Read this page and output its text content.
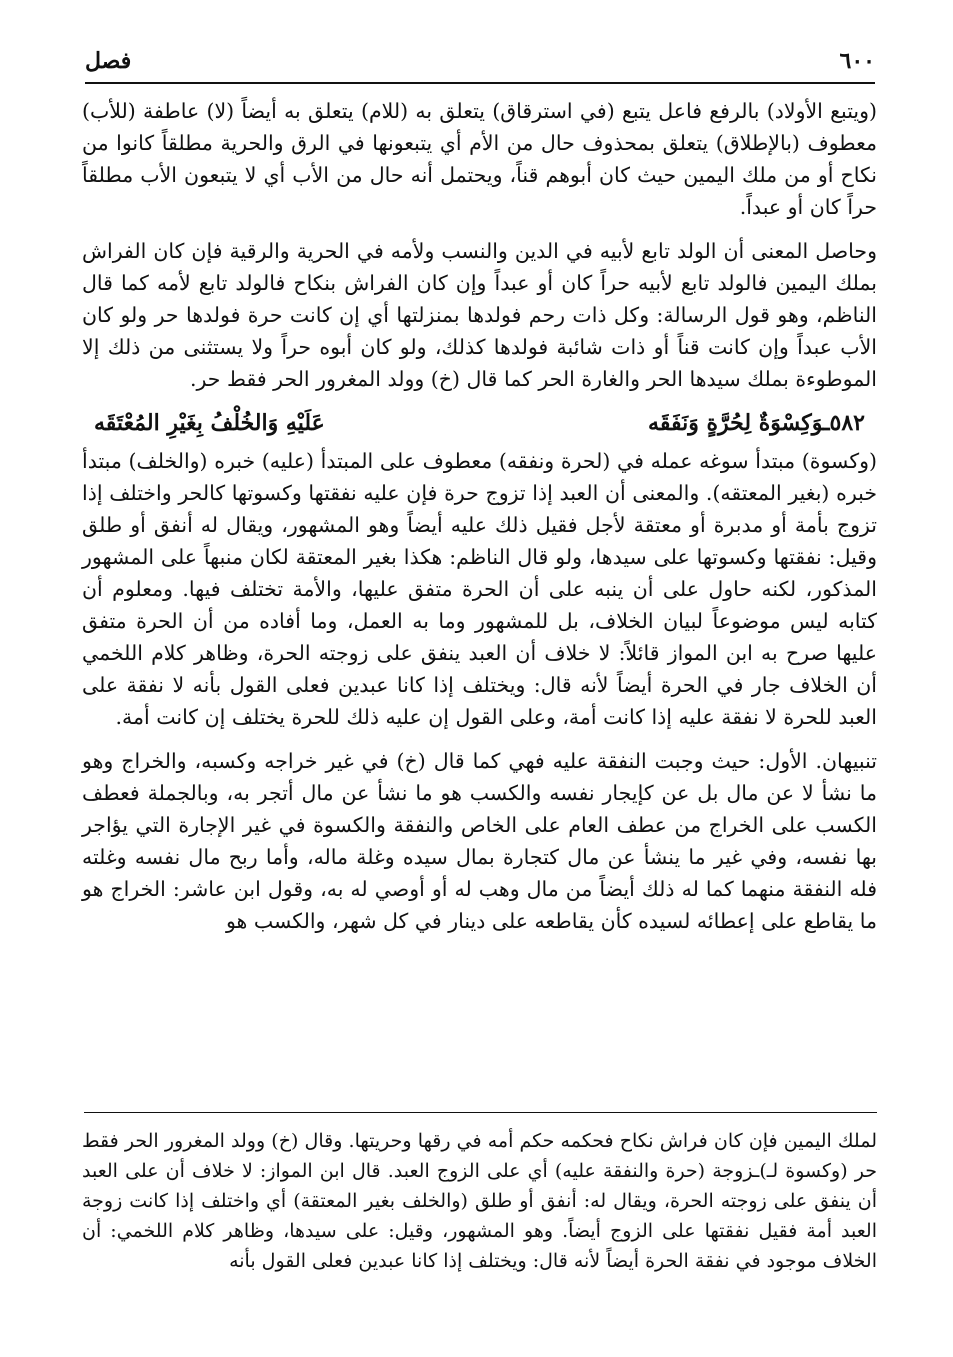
٦٠٠
فصل

(ويتبع الأولاد) بالرفع فاعل يتبع (في استرقاق) يتعلق به (للام) يتعلق به أيضاً (لا) عاطفة (للأب) معطوف (بالإطلاق) يتعلق بمحذوف حال من الأم أي يتبعونها في الرق والحرية مطلقاً كانوا من نكاح أو من ملك اليمين حيث كان أبوهم قناً، ويحتمل أنه حال من الأب أي لا يتبعون الأب مطلقاً حراً كان أو عبداً.

وحاصل المعنى أن الولد تابع لأبيه في الدين والنسب ولأمه في الحرية والرقية فإن كان الفراش بملك اليمين فالولد تابع لأبيه حراً كان أو عبداً وإن كان الفراش بنكاح فالولد تابع لأمه كما قال الناظم، وهو قول الرسالة: وكل ذات رحم فولدها بمنزلتها أي إن كانت حرة فولدها حر ولو كان الأب عبداً وإن كانت قناً أو ذات شائبة فولدها كذلك، ولو كان أبوه حراً ولا يستثنى من ذلك إلا الموطوءة بملك سيدها الحر والغارة الحر كما قال (خ) وولد المغرور الحر فقط حر.

٥٨٢ـوَكِسْوَةٌ لِحُرَّةٍ وَنَفَقَه
عَلَيْهِ وَالخُلْفُ بِغَيْرِ المُعْتَقَه

(وكسوة) مبتدأ سوغه عمله في (لحرة ونفقه) معطوف على المبتدأ (عليه) خبره (والخلف) مبتدأ خبره (بغير المعتقه). والمعنى أن العبد إذا تزوج حرة فإن عليه نفقتها وكسوتها كالحر واختلف إذا تزوج بأمة أو مدبرة أو معتقة لأجل فقيل ذلك عليه أيضاً وهو المشهور، ويقال له أنفق أو طلق وقيل: نفقتها وكسوتها على سيدها، ولو قال الناظم: هكذا بغير المعتقة لكان منبهاً على المشهور المذكور، لكنه حاول على أن ينبه على أن الحرة متفق عليها، والأمة تختلف فيها. ومعلوم أن كتابه ليس موضوعاً لبيان الخلاف، بل للمشهور وما به العمل، وما أفاده من أن الحرة متفق عليها صرح به ابن المواز قائلاً: لا خلاف أن العبد ينفق على زوجته الحرة، وظاهر كلام اللخمي أن الخلاف جار في الحرة أيضاً لأنه قال: ويختلف إذا كانا عبدين فعلى القول بأنه لا نفقة على العبد للحرة لا نفقة عليه إذا كانت أمة، وعلى القول إن عليه ذلك للحرة يختلف إن كانت أمة.

تنبيهان. الأول: حيث وجبت النفقة عليه فهي كما قال (خ) في غير خراجه وكسبه، والخراج وهو ما نشأ لا عن مال بل عن كإيجار نفسه والكسب هو ما نشأ عن مال أتجر به، وبالجملة فعطف الكسب على الخراج من عطف العام على الخاص والنفقة والكسوة في غير الإجارة التي يؤاجر بها نفسه، وفي غير ما ينشأ عن مال كتجارة بمال سيده وغلة ماله، وأما ربح مال نفسه وغلته فله النفقة منهما كما له ذلك أيضاً من مال وهب له أو أوصي له به، وقول ابن عاشر: الخراج هو ما يقاطع على إعطائه لسيده كأن يقاطعه على دينار في كل شهر، والكسب هو

لملك اليمين فإن كان فراش نكاح فحكمه حكم أمه في رقها وحريتها. وقال (خ) وولد المغرور الحر فقط حر (وكسوة لـ)ـزوجة (حرة والنفقة عليه) أي على الزوج العبد. قال ابن المواز: لا خلاف أن على العبد أن ينفق على زوجته الحرة، ويقال له: أنفق أو طلق (والخلف بغير المعتقة) أي واختلف إذا كانت زوجة العبد أمة فقيل نفقتها على الزوج أيضاً. وهو المشهور، وقيل: على سيدها، وظاهر كلام اللخمي: أن الخلاف موجود في نفقة الحرة أيضاً لأنه قال: ويختلف إذا كانا عبدين فعلى القول بأنه
